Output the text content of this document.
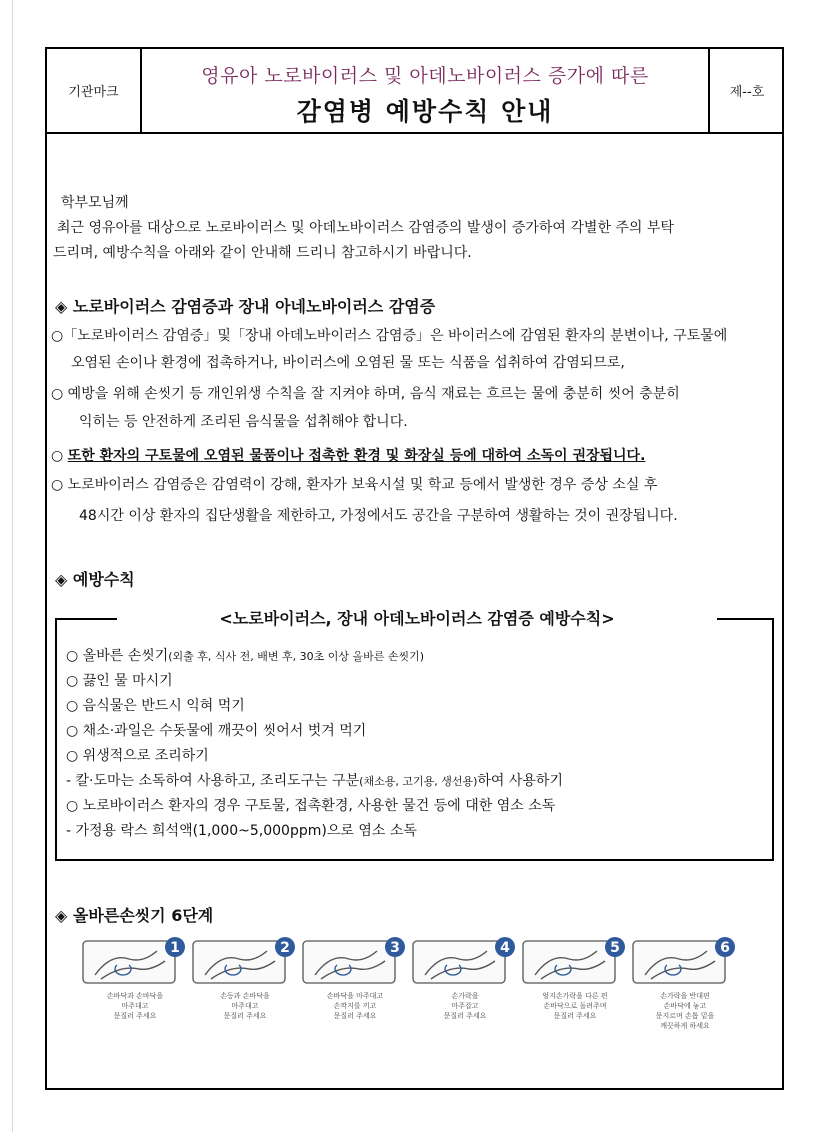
기관마크
영유아 노로바이러스 및 아데노바이러스 증가에 따른
감염병 예방수칙 안내
제--호
학부모님께
최근 영유아를 대상으로 노로바이러스 및 아데노바이러스 감염증의 발생이 증가하여 각별한 주의 부탁
드리며, 예방수칙을 아래와 같이 안내해 드리니 참고하시기 바랍니다.
◈ 노로바이러스 감염증과 장내 아네노바이러스 감염증
○「노로바이러스 감염증」및「장내 아데노바이러스 감염증」은 바이러스에 감염된 환자의 분변이나, 구토물에
오염된 손이나 환경에 접촉하거나, 바이러스에 오염된 물 또는 식품을 섭취하여 감염되므로,
○ 예방을 위해 손씻기 등 개인위생 수칙을 잘 지켜야 하며, 음식 재료는 흐르는 물에 충분히 씻어 충분히
익히는 등 안전하게 조리된 음식물을 섭취해야 합니다.
○ 또한 환자의 구토물에 오염된 물품이나 접촉한 환경 및 화장실 등에 대하여 소독이 권장됩니다.
○ 노로바이러스 감염증은 감염력이 강해, 환자가 보육시설 및 학교 등에서 발생한 경우 증상 소실 후
48시간 이상 환자의 집단생활을 제한하고, 가정에서도 공간을 구분하여 생활하는 것이 권장됩니다.
◈ 예방수칙
<노로바이러스, 장내 아데노바이러스 감염증 예방수칙>
○ 올바른 손씻기(외출 후, 식사 전, 배변 후, 30초 이상 올바른 손씻기)
○ 끓인 물 마시기
○ 음식물은 반드시 익혀 먹기
○ 채소·과일은 수돗물에 깨끗이 씻어서 벗겨 먹기
○ 위생적으로 조리하기
- 칼·도마는 소독하여 사용하고, 조리도구는 구분(채소용, 고기용, 생선용)하여 사용하기
○ 노로바이러스 환자의 경우 구토물, 접촉환경, 사용한 물건 등에 대한 염소 소독
- 가정용 락스 희석액(1,000~5,000ppm)으로 염소 소독
◈ 올바른손씻기 6단계
1
손바닥과 손바닥을
마주대고
문질러 주세요
2
손등과 손바닥을
마주대고
문질러 주세요
3
손바닥을 마주대고
손깍지를 끼고
문질러 주세요
4
손가락을
마주잡고
문질러 주세요
5
엄지손가락을 다른 편
손바닥으로 돌려주며
문질러 주세요
6
손가락을 반대편
손바닥에 놓고
문지르며 손톱 밑을
깨끗하게 하세요
